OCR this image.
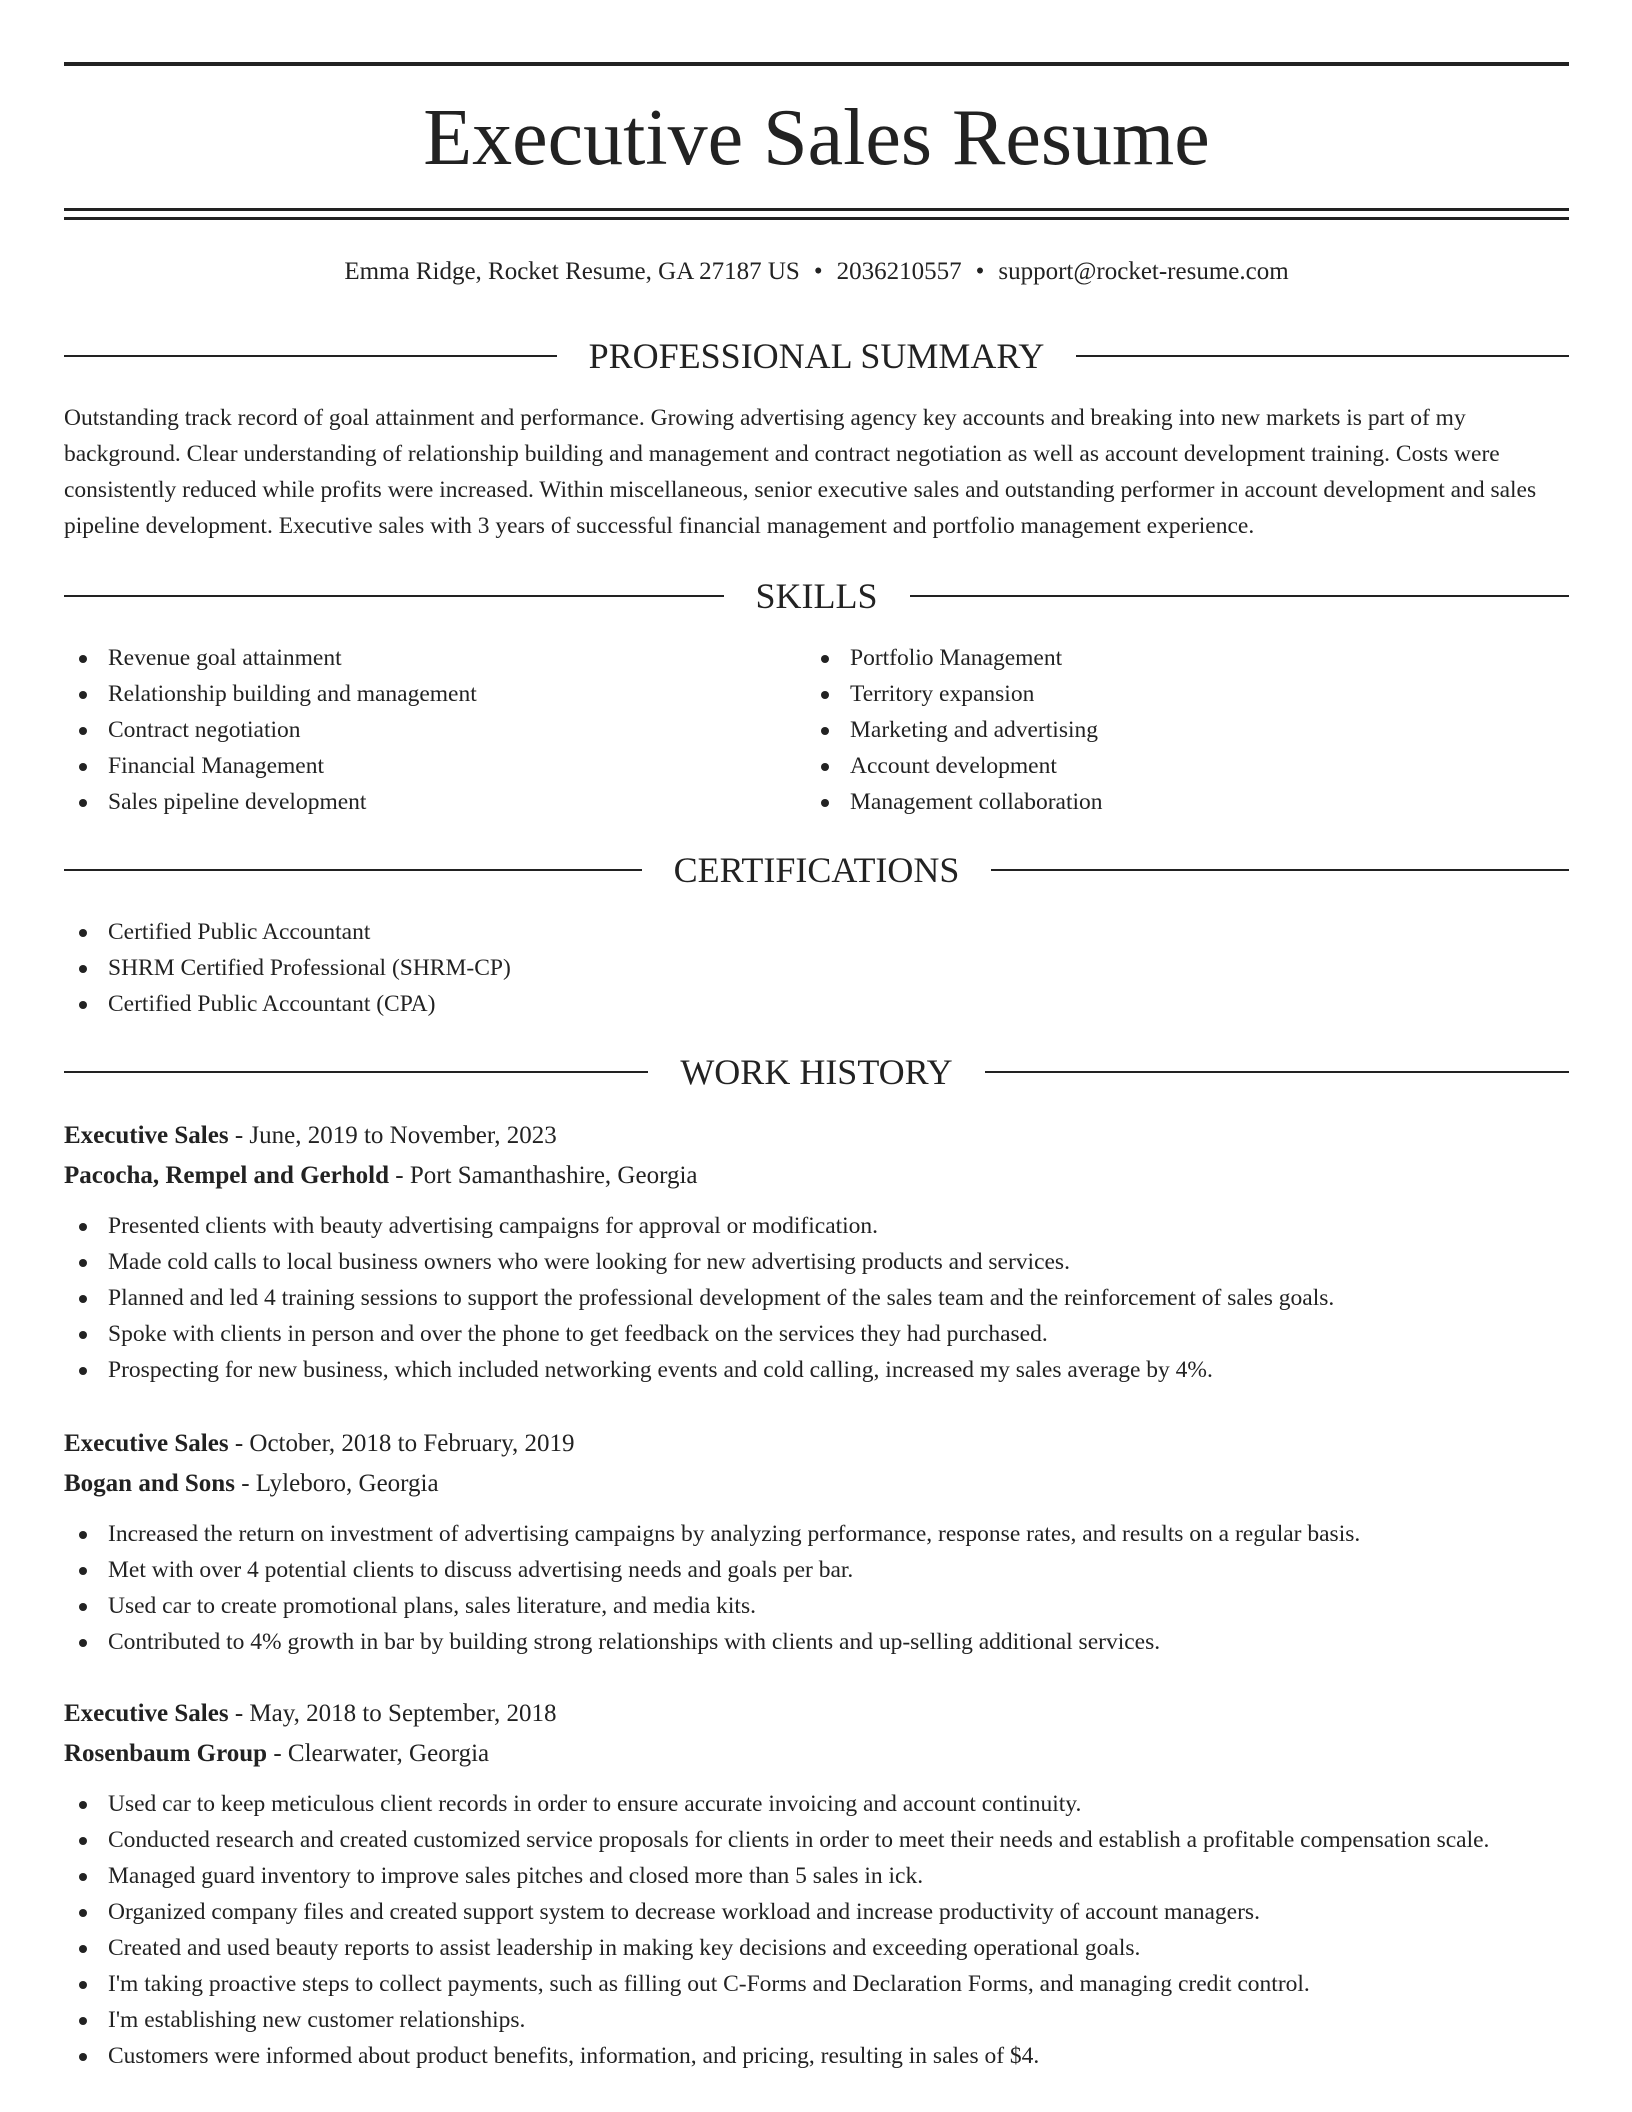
Executive Sales Resume
Emma Ridge, Rocket Resume, GA 27187 US • 2036210557 • support@rocket-resume.com
PROFESSIONAL SUMMARY

Outstanding track record of goal attainment and performance. Growing advertising agency key accounts and breaking into new markets is part of my background. Clear understanding of relationship building and management and contract negotiation as well as account development training. Costs were consistently reduced while profits were increased. Within miscellaneous, senior executive sales and outstanding performer in account development and sales pipeline development. Executive sales with 3 years of successful financial management and portfolio management experience.

SKILLS
Revenue goal attainment
Relationship building and management
Contract negotiation
Financial Management
Sales pipeline development
Portfolio Management
Territory expansion
Marketing and advertising
Account development
Management collaboration
CERTIFICATIONS
Certified Public Accountant
SHRM Certified Professional (SHRM-CP)
Certified Public Accountant (CPA)
WORK HISTORY
Executive Sales - June, 2019 to November, 2023
Pacocha, Rempel and Gerhold - Port Samanthashire, Georgia
Presented clients with beauty advertising campaigns for approval or modification.
Made cold calls to local business owners who were looking for new advertising products and services.
Planned and led 4 training sessions to support the professional development of the sales team and the reinforcement of sales goals.
Spoke with clients in person and over the phone to get feedback on the services they had purchased.
Prospecting for new business, which included networking events and cold calling, increased my sales average by 4%.
Executive Sales - October, 2018 to February, 2019
Bogan and Sons - Lyleboro, Georgia
Increased the return on investment of advertising campaigns by analyzing performance, response rates, and results on a regular basis.
Met with over 4 potential clients to discuss advertising needs and goals per bar.
Used car to create promotional plans, sales literature, and media kits.
Contributed to 4% growth in bar by building strong relationships with clients and up-selling additional services.
Executive Sales - May, 2018 to September, 2018
Rosenbaum Group - Clearwater, Georgia
Used car to keep meticulous client records in order to ensure accurate invoicing and account continuity.
Conducted research and created customized service proposals for clients in order to meet their needs and establish a profitable compensation scale.
Managed guard inventory to improve sales pitches and closed more than 5 sales in ick.
Organized company files and created support system to decrease workload and increase productivity of account managers.
Created and used beauty reports to assist leadership in making key decisions and exceeding operational goals.
I'm taking proactive steps to collect payments, such as filling out C-Forms and Declaration Forms, and managing credit control.
I'm establishing new customer relationships.
Customers were informed about product benefits, information, and pricing, resulting in sales of $4.
